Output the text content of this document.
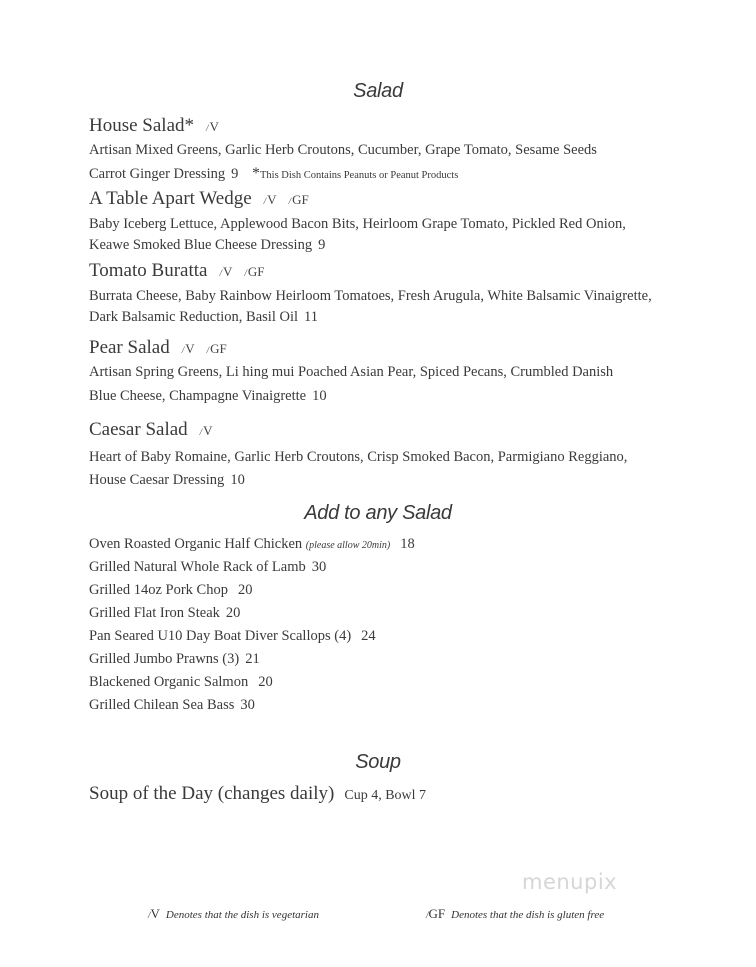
Salad
House Salad* /V
Artisan Mixed Greens, Garlic Herb Croutons, Cucumber, Grape Tomato, Sesame Seeds
Carrot Ginger Dressing 9 *This Dish Contains Peanuts or Peanut Products
A Table Apart Wedge /V /GF
Baby Iceberg Lettuce, Applewood Bacon Bits, Heirloom Grape Tomato, Pickled Red Onion,
Keawe Smoked Blue Cheese Dressing 9
Tomato Buratta /V /GF
Burrata Cheese, Baby Rainbow Heirloom Tomatoes, Fresh Arugula, White Balsamic Vinaigrette,
Dark Balsamic Reduction, Basil Oil 11
Pear Salad /V /GF
Artisan Spring Greens, Li hing mui Poached Asian Pear, Spiced Pecans, Crumbled Danish
Blue Cheese, Champagne Vinaigrette 10
Caesar Salad /V
Heart of Baby Romaine, Garlic Herb Croutons, Crisp Smoked Bacon, Parmigiano Reggiano,
House Caesar Dressing 10
Add to any Salad
Oven Roasted Organic Half Chicken (please allow 20min) 18
Grilled Natural Whole Rack of Lamb 30
Grilled 14oz Pork Chop 20
Grilled Flat Iron Steak 20
Pan Seared U10 Day Boat Diver Scallops (4) 24
Grilled Jumbo Prawns (3) 21
Blackened Organic Salmon 20
Grilled Chilean Sea Bass 30
Soup
Soup of the Day (changes daily) Cup 4, Bowl 7
menupix
/V Denotes that the dish is vegetarian	/GF Denotes that the dish is gluten free
